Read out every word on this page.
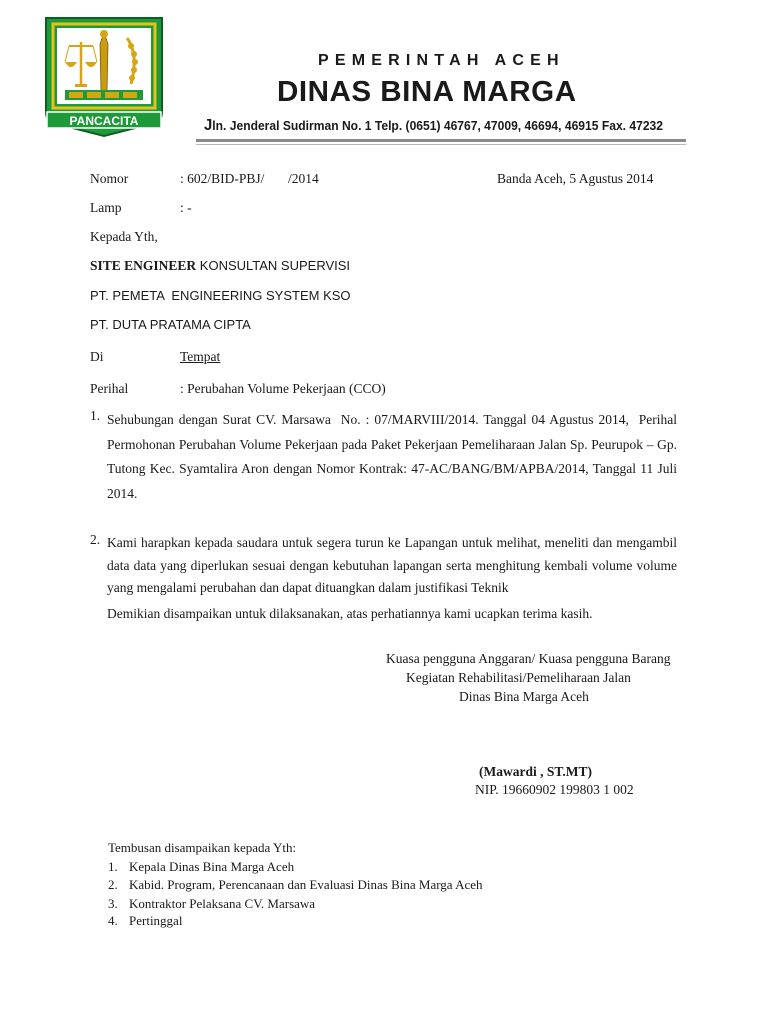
PANCACITA
PEMERINTAH ACEH
DINAS BINA MARGA
Jln. Jenderal Sudirman No. 1 Telp. (0651) 46767, 47009, 46694, 46915 Fax. 47232
Nomor	: 602/BID-PBJ/       /2014	Banda Aceh, 5 Agustus 2014
Lamp	: -
Kepada Yth,
SITE ENGINEER KONSULTAN SUPERVISI
PT. PEMETA  ENGINEERING SYSTEM KSO
PT. DUTA PRATAMA CIPTA
Di	Tempat
Perihal	: Perubahan Volume Pekerjaan (CCO)
1. Sehubungan dengan Surat CV. Marsawa  No. : 07/MARVIII/2014. Tanggal 04 Agustus 2014,  Perihal Permohonan Perubahan Volume Pekerjaan pada Paket Pekerjaan Pemeliharaan Jalan Sp. Peurupok – Gp. Tutong Kec. Syamtalira Aron dengan Nomor Kontrak: 47-AC/BANG/BM/APBA/2014, Tanggal 11 Juli  2014.
2. Kami harapkan kepada saudara untuk segera turun ke Lapangan untuk melihat, meneliti dan mengambil data data yang diperlukan sesuai dengan kebutuhan lapangan serta menghitung kembali volume volume yang mengalami perubahan dan dapat dituangkan dalam justifikasi Teknik
Demikian disampaikan untuk dilaksanakan, atas perhatiannya kami ucapkan terima kasih.
Kuasa pengguna Anggaran/ Kuasa pengguna Barang
Kegiatan Rehabilitasi/Pemeliharaan Jalan
Dinas Bina Marga Aceh
(Mawardi , ST.MT)
NIP. 19660902 199803 1 002
Tembusan disampaikan kepada Yth:
1. Kepala Dinas Bina Marga Aceh
2. Kabid. Program, Perencanaan dan Evaluasi Dinas Bina Marga Aceh
3. Kontraktor Pelaksana CV. Marsawa
4. Pertinggal
